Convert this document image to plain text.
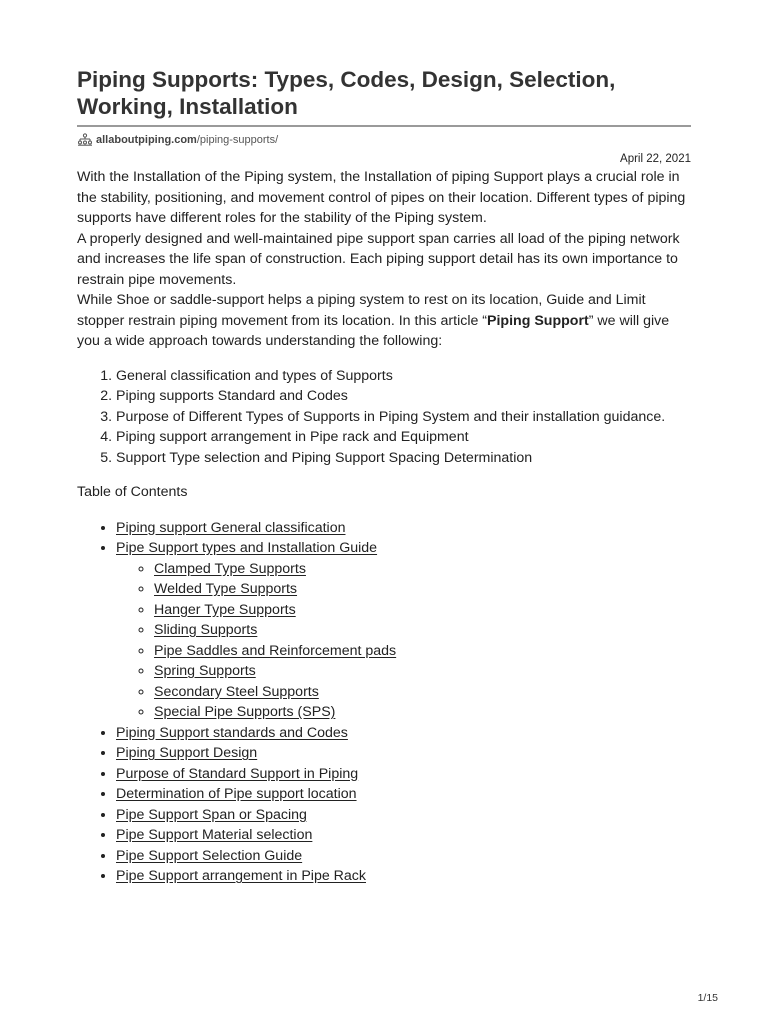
Piping Supports: Types, Codes, Design, Selection, Working, Installation
allaboutpiping.com /piping-supports/
April 22, 2021

With the Installation of the Piping system, the Installation of piping Support plays a crucial role in the stability, positioning, and movement control of pipes on their location. Different types of piping supports have different roles for the stability of the Piping system.

A properly designed and well-maintained pipe support span carries all load of the piping network and increases the life span of construction. Each piping support detail has its own importance to restrain pipe movements.

While Shoe or saddle-support helps a piping system to rest on its location, Guide and Limit stopper restrain piping movement from its location. In this article “Piping Support” we will give you a wide approach towards understanding the following:

1. General classification and types of Supports
2. Piping supports Standard and Codes
3. Purpose of Different Types of Supports in Piping System and their installation guidance.
4. Piping support arrangement in Pipe rack and Equipment
5. Support Type selection and Piping Support Spacing Determination
Table of Contents
• Piping support General classification
• Pipe Support types and Installation Guide
◦ Clamped Type Supports
◦ Welded Type Supports
◦ Hanger Type Supports
◦ Sliding Supports
◦ Pipe Saddles and Reinforcement pads
◦ Spring Supports
◦ Secondary Steel Supports
◦ Special Pipe Supports (SPS)
• Piping Support standards and Codes
• Piping Support Design
• Purpose of Standard Support in Piping
• Determination of Pipe support location
• Pipe Support Span or Spacing
• Pipe Support Material selection
• Pipe Support Selection Guide
• Pipe Support arrangement in Pipe Rack
1/15
